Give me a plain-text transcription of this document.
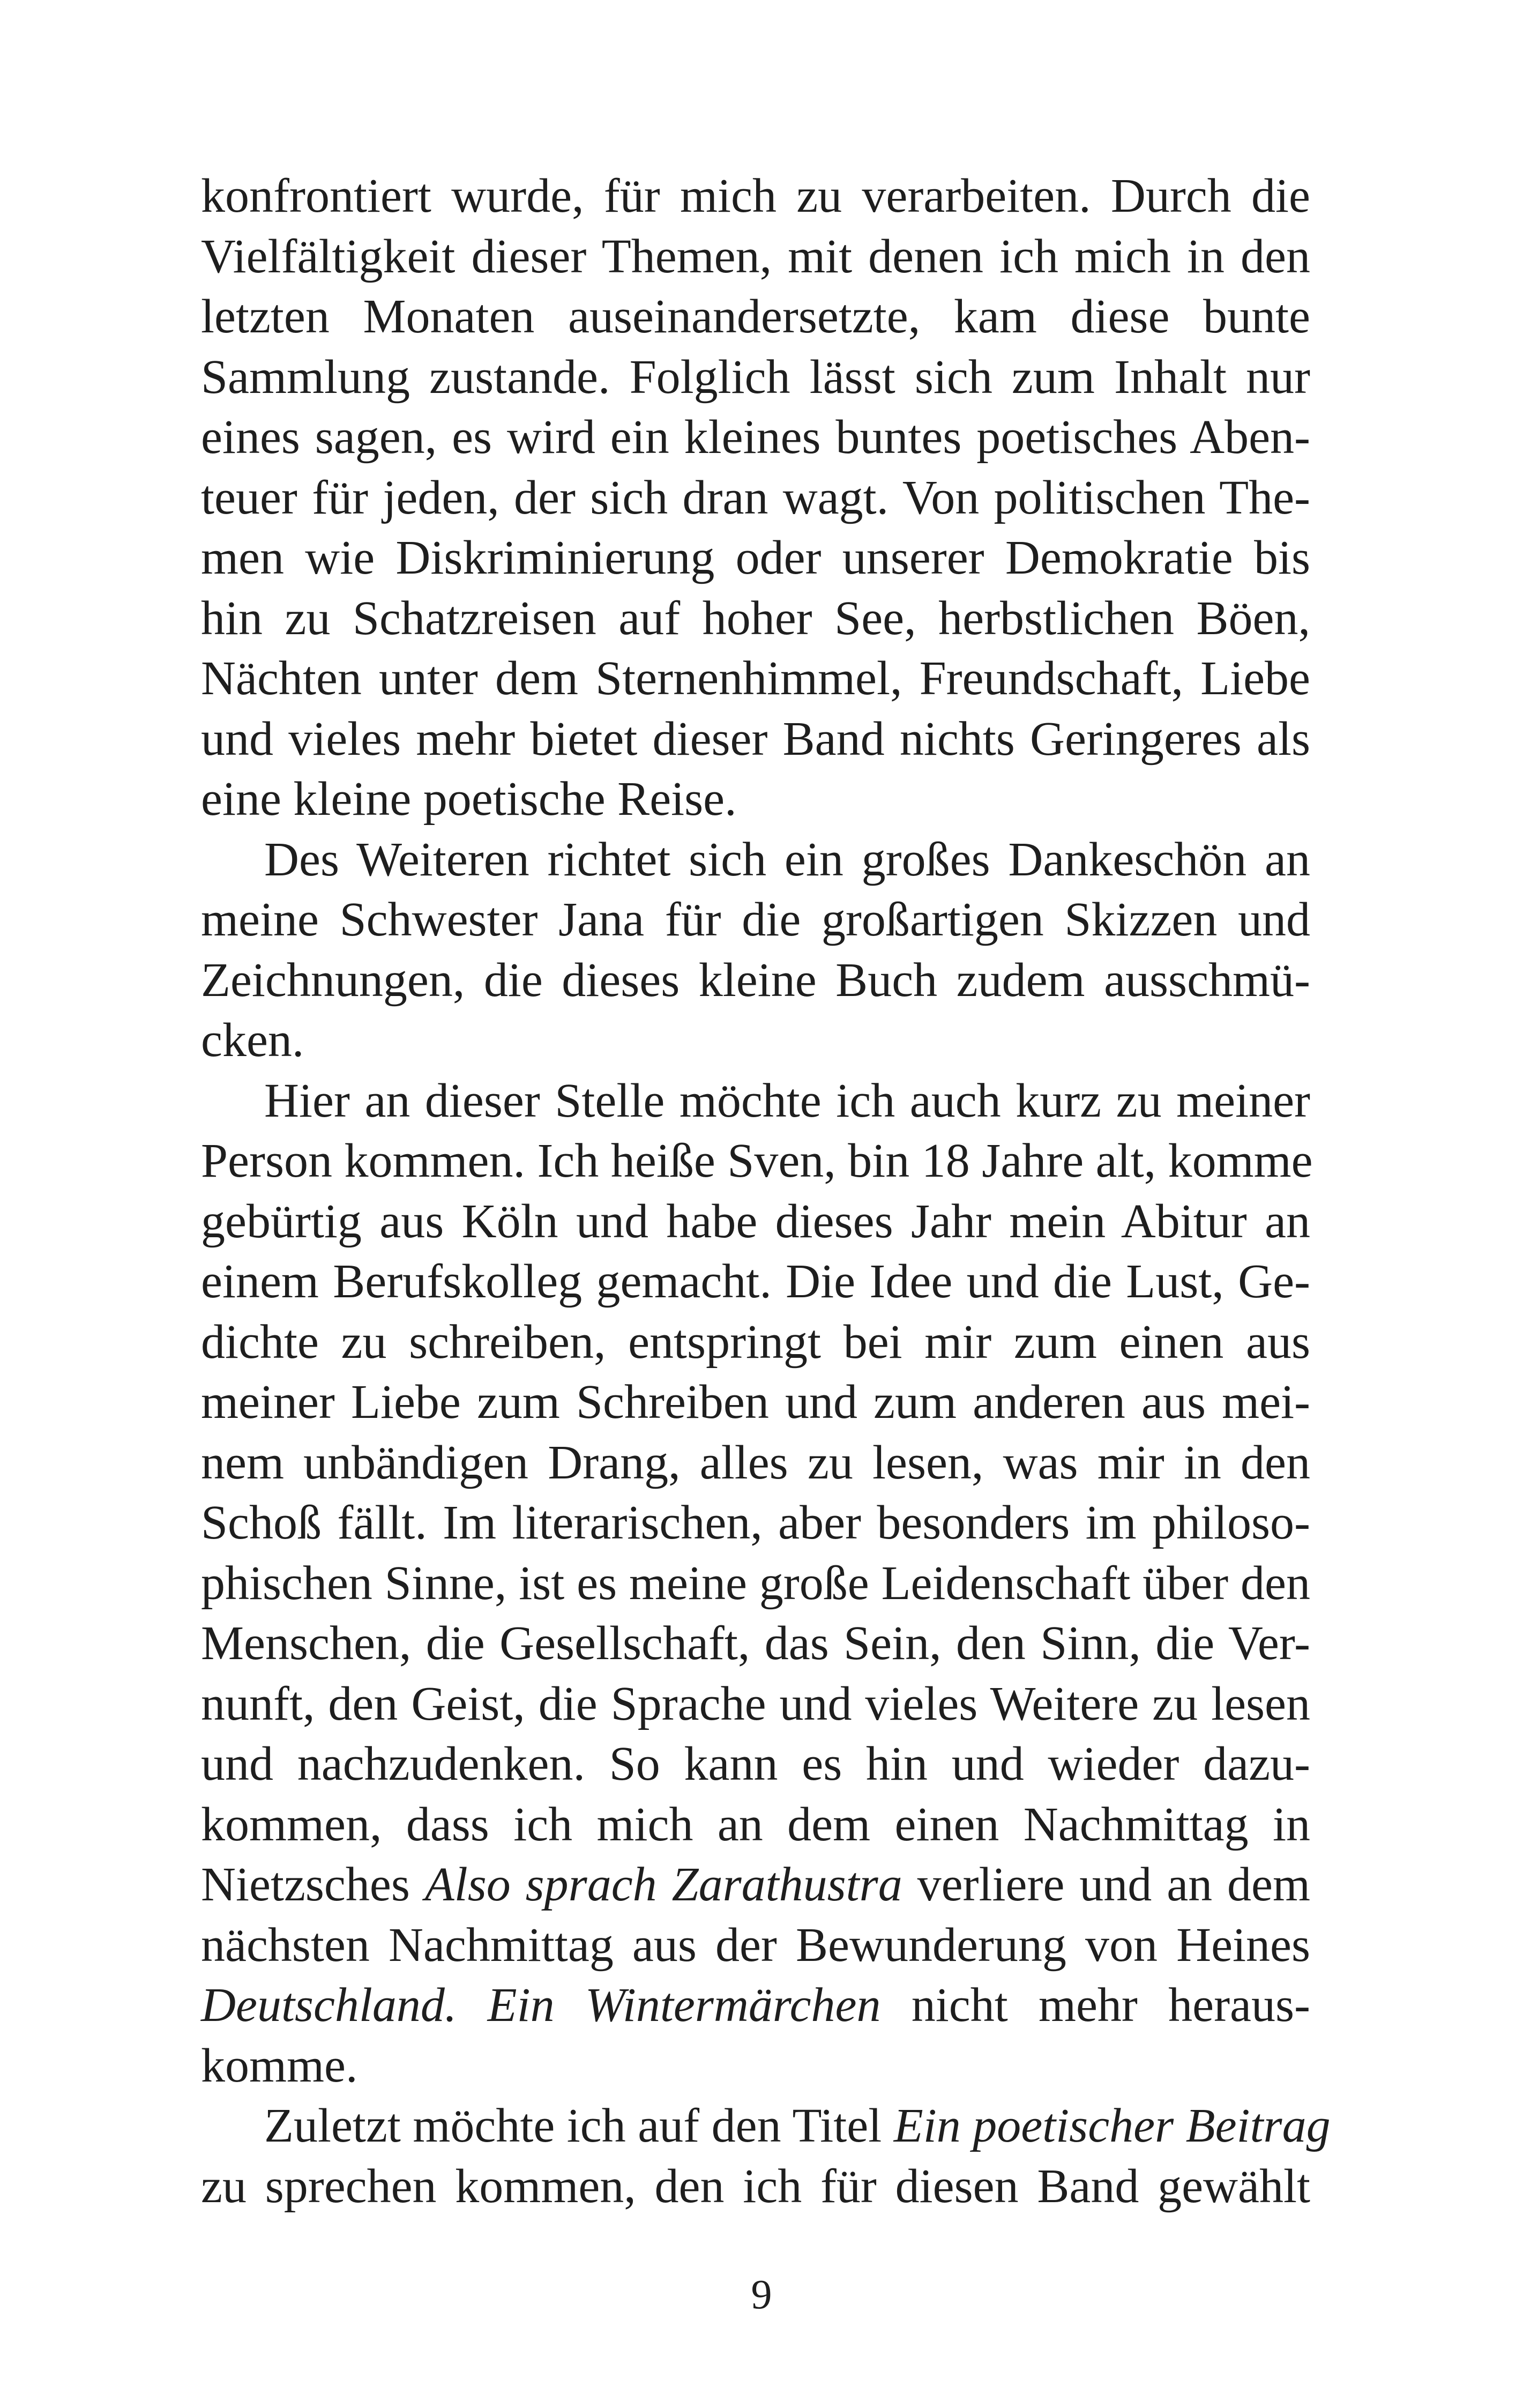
konfrontiert wurde, für mich zu verarbeiten. Durch die
Vielfältigkeit dieser Themen, mit denen ich mich in den
letzten Monaten auseinandersetzte, kam diese bunte
Sammlung zustande. Folglich lässt sich zum Inhalt nur
eines sagen, es wird ein kleines buntes poetisches Aben-
teuer für jeden, der sich dran wagt. Von politischen The-
men wie Diskriminierung oder unserer Demokratie bis
hin zu Schatzreisen auf hoher See, herbstlichen Böen,
Nächten unter dem Sternenhimmel, Freundschaft, Liebe
und vieles mehr bietet dieser Band nichts Geringeres als
eine kleine poetische Reise.
Des Weiteren richtet sich ein großes Dankeschön an
meine Schwester Jana für die großartigen Skizzen und
Zeichnungen, die dieses kleine Buch zudem ausschmü-
cken.
Hier an dieser Stelle möchte ich auch kurz zu meiner
Person kommen. Ich heiße Sven, bin 18 Jahre alt, komme
gebürtig aus Köln und habe dieses Jahr mein Abitur an
einem Berufskolleg gemacht. Die Idee und die Lust, Ge-
dichte zu schreiben, entspringt bei mir zum einen aus
meiner Liebe zum Schreiben und zum anderen aus mei-
nem unbändigen Drang, alles zu lesen, was mir in den
Schoß fällt. Im literarischen, aber besonders im philoso-
phischen Sinne, ist es meine große Leidenschaft über den
Menschen, die Gesellschaft, das Sein, den Sinn, die Ver-
nunft, den Geist, die Sprache und vieles Weitere zu lesen
und nachzudenken. So kann es hin und wieder dazu-
kommen, dass ich mich an dem einen Nachmittag in
Nietzsches Also sprach Zarathustra verliere und an dem
nächsten Nachmittag aus der Bewunderung von Heines
Deutschland. Ein Wintermärchen nicht mehr heraus-
komme.
Zuletzt möchte ich auf den Titel Ein poetischer Beitrag
zu sprechen kommen, den ich für diesen Band gewählt
9
